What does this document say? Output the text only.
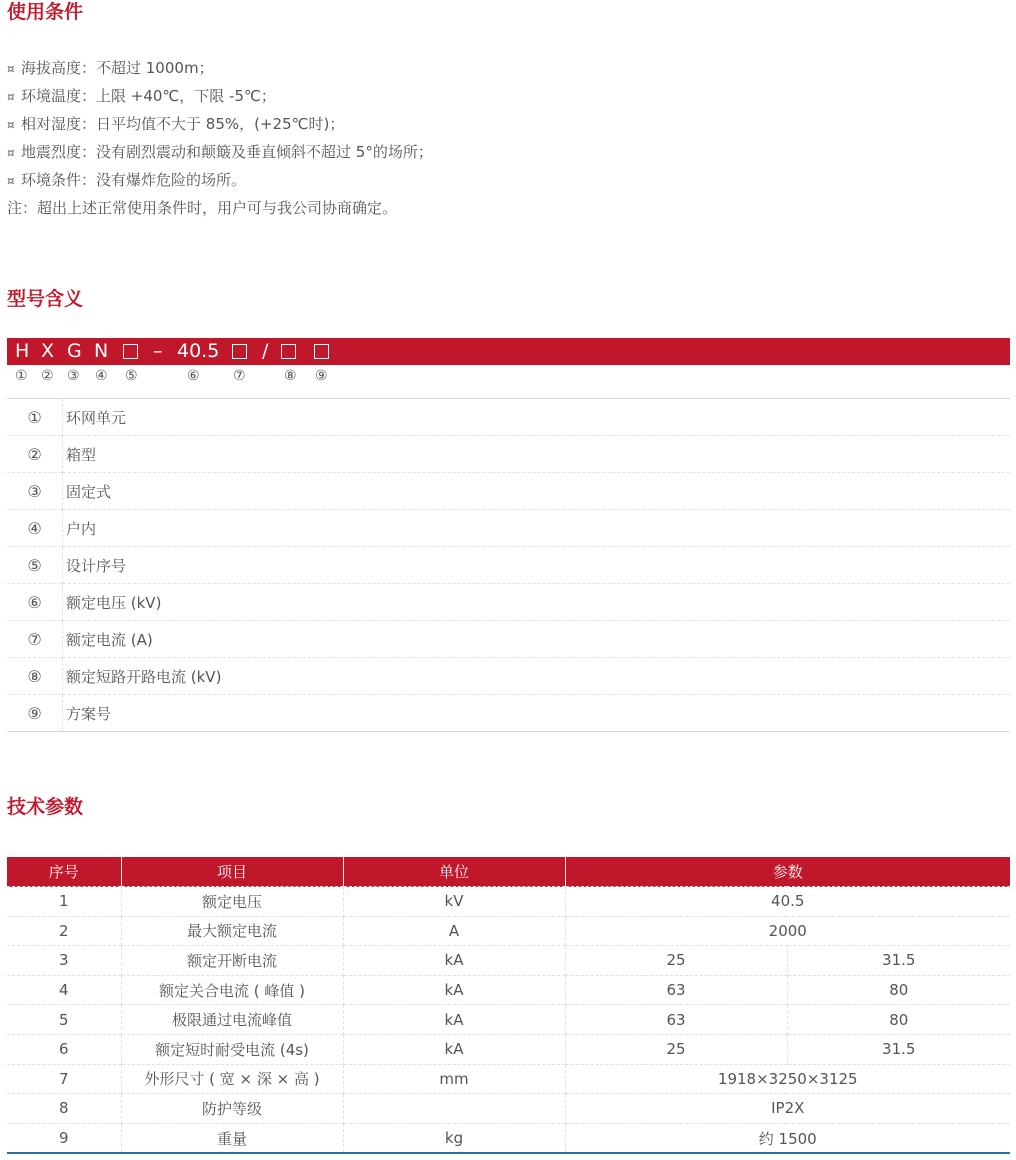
使用条件
¤ 海拔高度：不超过 1000m；
¤ 环境温度：上限 +40℃，下限 -5℃；
¤ 相对湿度：日平均值不大于 85%，(+25℃时)；
¤ 地震烈度：没有剧烈震动和颠簸及垂直倾斜不超过 5°的场所；
¤ 环境条件：没有爆炸危险的场所。
注：超出上述正常使用条件时，用户可与我公司协商确定。
型号含义
H X G N – 40.5 /
① ② ③ ④ ⑤	⑥ ⑦	⑧ ⑨
①	环网单元
②	箱型
③	固定式
④	户内
⑤	设计序号
⑥	额定电压 (kV)
⑦	额定电流 (A)
⑧	额定短路开路电流 (kV)
⑨	方案号
技术参数
序号	项目	单位	参数	
1	额定电压	kV	40.5	
2	最大额定电流	A	2000	
3	额定开断电流	kA	25	31.5
4	额定关合电流 ( 峰值 )	kA	63	80
5	极限通过电流峰值	kA	63	80
6	额定短时耐受电流 (4s)	kA	25	31.5
7	外形尺寸 ( 宽 × 深 × 高 )	mm	1918×3250×3125	
8	防护等级		IP2X	
9	重量	kg	约 1500	
